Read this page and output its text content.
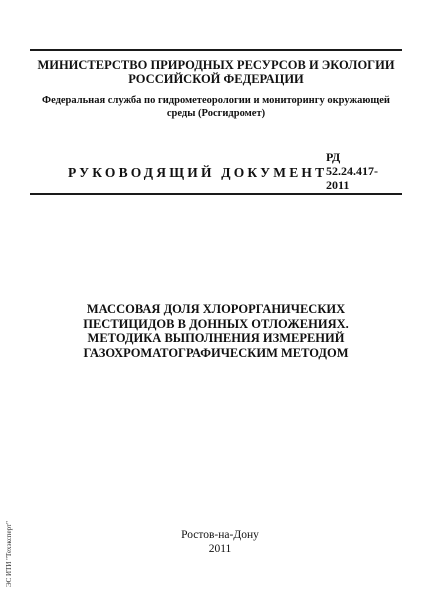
МИНИСТЕРСТВО ПРИРОДНЫХ РЕСУРСОВ И ЭКОЛОГИИ
РОССИЙСКОЙ ФЕДЕРАЦИИ
Федеральная служба по гидрометеорологии и мониторингу окружающей
среды (Росгидромет)
РУКОВОДЯЩИЙ ДОКУМЕНТ
РД
52.24.417-
2011
МАССОВАЯ ДОЛЯ ХЛОРОРГАНИЧЕСКИХ
ПЕСТИЦИДОВ В ДОННЫХ ОТЛОЖЕНИЯХ.
МЕТОДИКА ВЫПОЛНЕНИЯ ИЗМЕРЕНИЙ
ГАЗОХРОМАТОГРАФИЧЕСКИМ МЕТОДОМ
Ростов-на-Дону
2011
ЭС ИТИ "Техэксперт"
